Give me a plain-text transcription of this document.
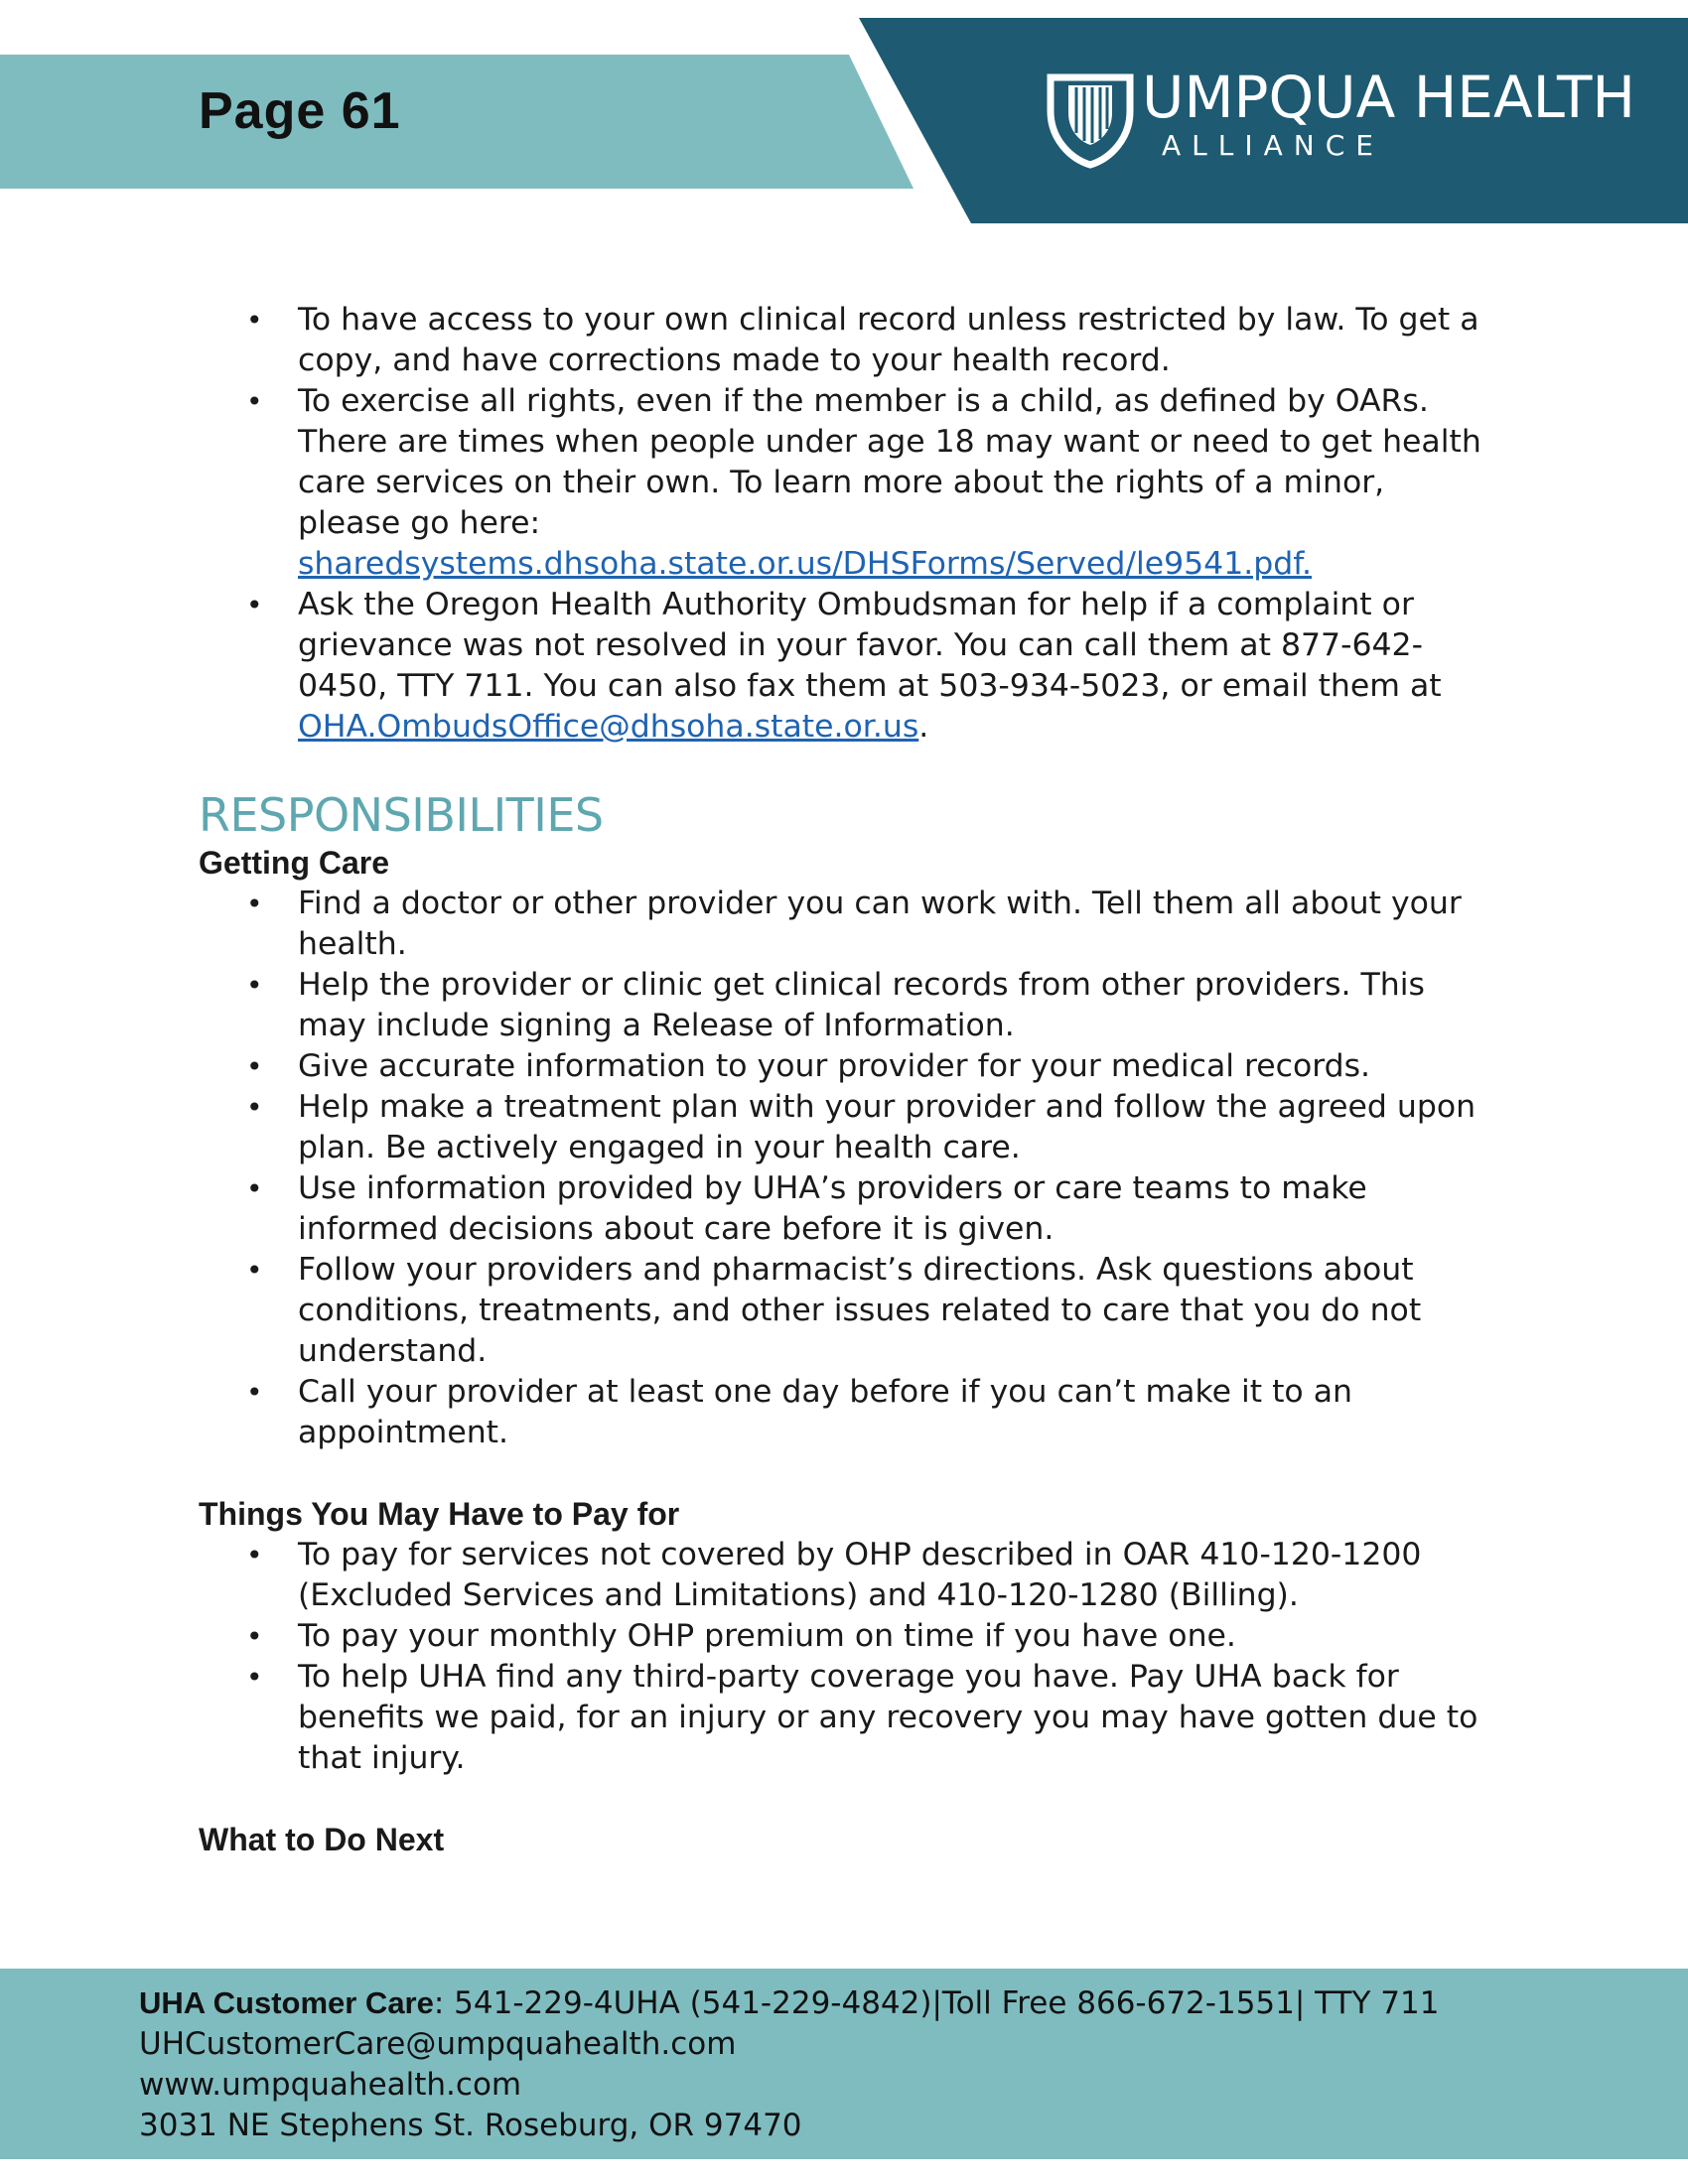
Page 61	UMPQUA HEALTH
ALLIANCE
• To have access to your own clinical record unless restricted by law. To get a copy, and have corrections made to your health record.
• To exercise all rights, even if the member is a child, as defined by OARs. There are times when people under age 18 may want or need to get health care services on their own. To learn more about the rights of a minor, please go here:
sharedsystems.dhsoha.state.or.us/DHSForms/Served/le9541.pdf.
• Ask the Oregon Health Authority Ombudsman for help if a complaint or grievance was not resolved in your favor. You can call them at 877-642-0450, TTY 711. You can also fax them at 503-934-5023, or email them at
OHA.OmbudsOffice@dhsoha.state.or.us.
RESPONSIBILITIES
Getting Care
• Find a doctor or other provider you can work with. Tell them all about your health.
• Help the provider or clinic get clinical records from other providers. This may include signing a Release of Information.
• Give accurate information to your provider for your medical records.
• Help make a treatment plan with your provider and follow the agreed upon plan. Be actively engaged in your health care.
• Use information provided by UHA’s providers or care teams to make informed decisions about care before it is given.
• Follow your providers and pharmacist’s directions. Ask questions about conditions, treatments, and other issues related to care that you do not understand.
• Call your provider at least one day before if you can’t make it to an appointment.
Things You May Have to Pay for
• To pay for services not covered by OHP described in OAR 410-120-1200 (Excluded Services and Limitations) and 410-120-1280 (Billing).
• To pay your monthly OHP premium on time if you have one.
• To help UHA find any third-party coverage you have. Pay UHA back for benefits we paid, for an injury or any recovery you may have gotten due to that injury.
What to Do Next
UHA Customer Care: 541-229-4UHA (541-229-4842)|Toll Free 866-672-1551| TTY 711
UHCustomerCare@umpquahealth.com
www.umpquahealth.com
3031 NE Stephens St. Roseburg, OR 97470
